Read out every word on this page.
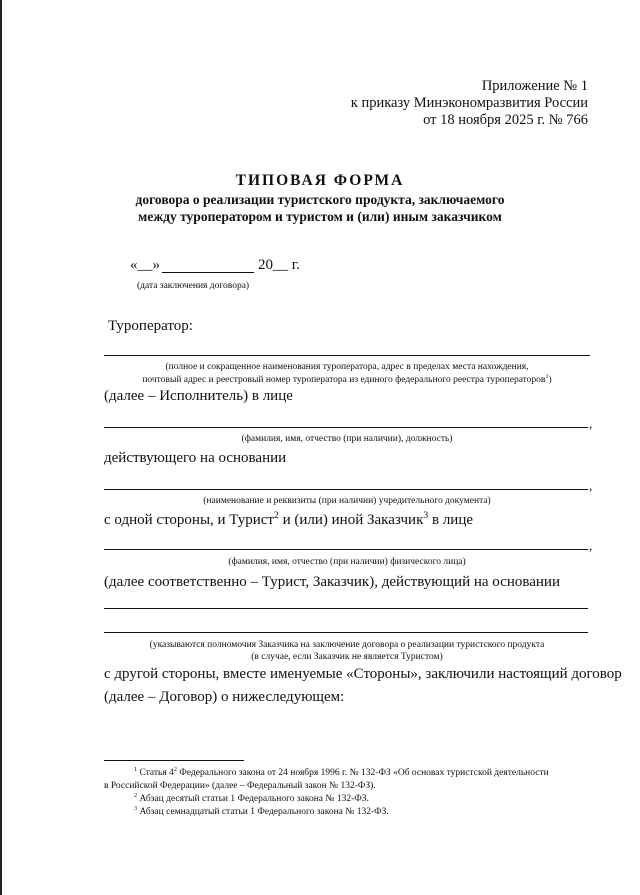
Приложение № 1
к приказу Минэкономразвития России
от 18 ноября 2025 г. № 766
ТИПОВАЯ ФОРМА
договора о реализации туристского продукта, заключаемого
между туроператором и туристом и (или) иным заказчиком
«__»	20__ г.
(дата заключения договора)
Туроператор:
(полное и сокращенное наименования туроператора, адрес в пределах места нахождения,
почтовый адрес и реестровый номер туроператора из единого федерального реестра туроператоров$^1$)
(далее – Исполнитель) в лице
,
(фамилия, имя, отчество (при наличии), должность)
действующего на основании
,
(наименование и реквизиты (при наличии) учредительного документа)
с одной стороны, и Турист$^2$ и (или) иной Заказчик$^3$ в лице
,
(фамилия, имя, отчество (при наличии) физического лица)
(далее соответственно – Турист, Заказчик), действующий на основании
(указываются полномочия Заказчика на заключение договора о реализации туристского продукта
(в случае, если Заказчик не является Туристом)
с другой стороны, вместе именуемые «Стороны», заключили настоящий договор
(далее – Договор) о нижеследующем:
$^1$ Статья $4^2$ Федерального закона от 24 ноября 1996 г. № 132-ФЗ «Об основах туристской деятельности
в Российской Федерации» (далее – Федеральный закон № 132-ФЗ).
$^2$ Абзац десятый статьи 1 Федерального закона № 132-ФЗ.
$^3$ Абзац семнадцатый статьи 1 Федерального закона № 132-ФЗ.
